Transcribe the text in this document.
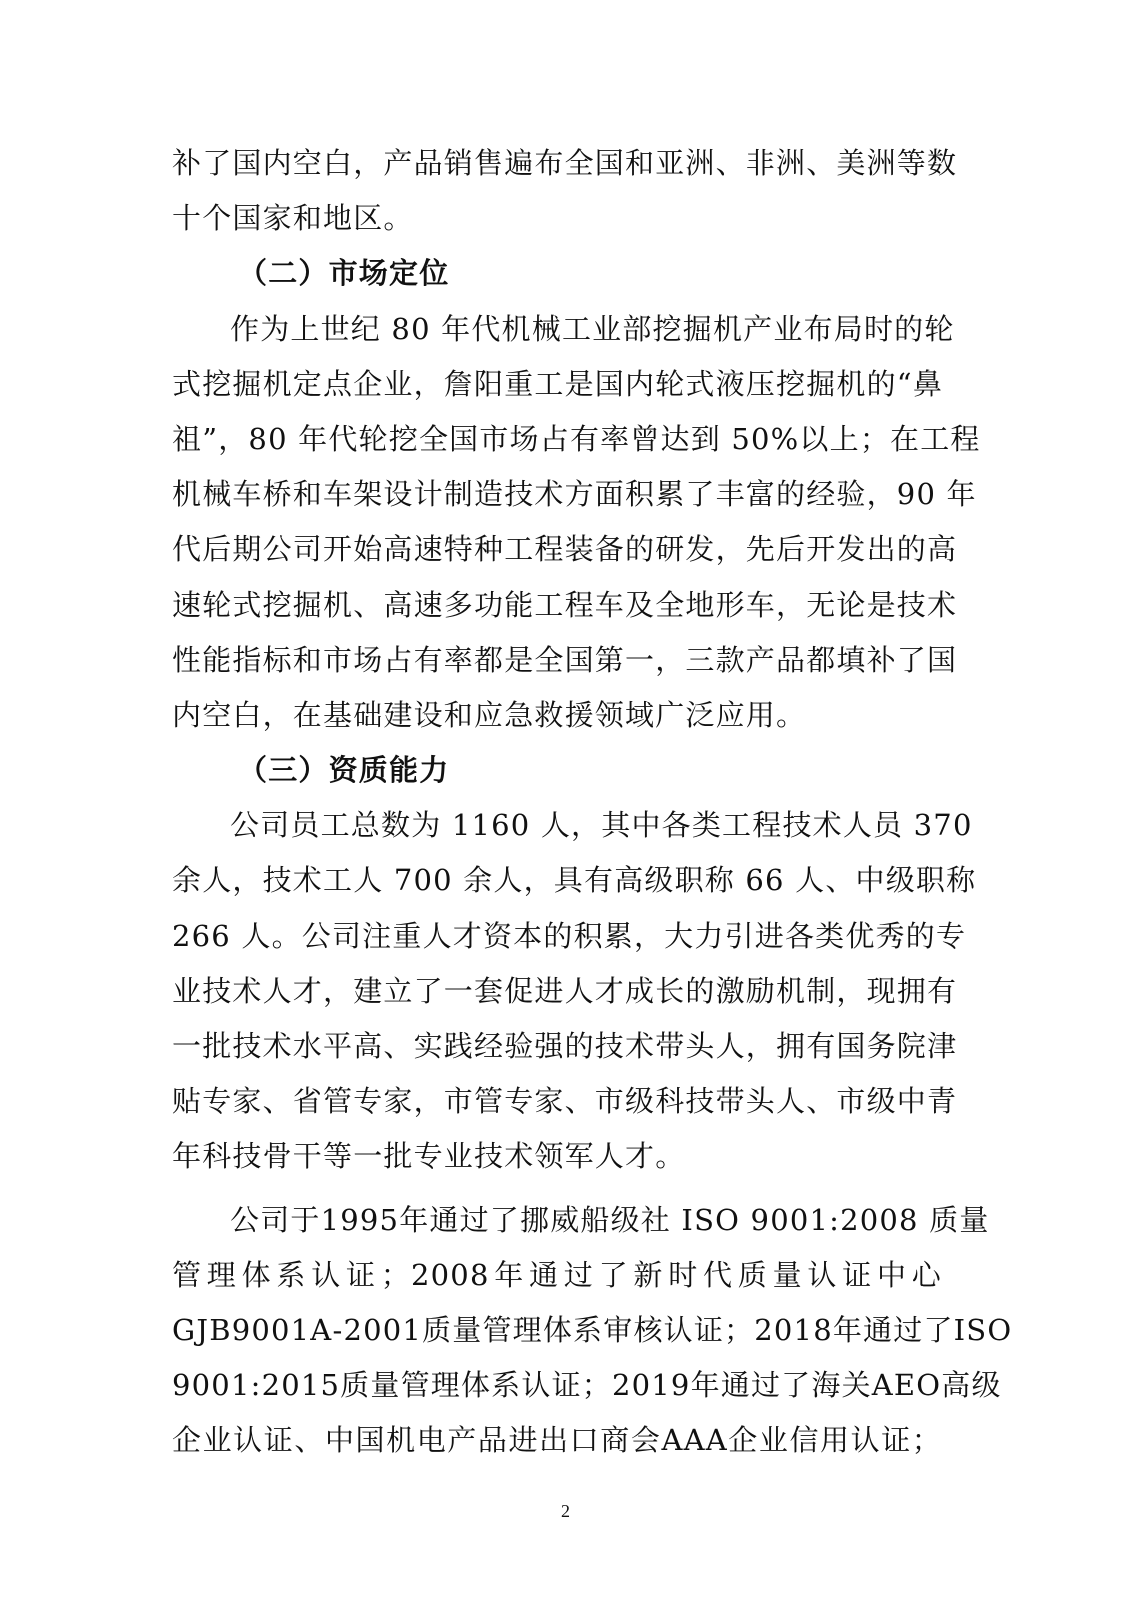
补了国内空白，产品销售遍布全国和亚洲、非洲、美洲等数
十个国家和地区。
（二）市场定位
作为上世纪 80 年代机械工业部挖掘机产业布局时的轮
式挖掘机定点企业，詹阳重工是国内轮式液压挖掘机的“鼻
祖”，80 年代轮挖全国市场占有率曾达到 50%以上；在工程
机械车桥和车架设计制造技术方面积累了丰富的经验，90 年
代后期公司开始高速特种工程装备的研发，先后开发出的高
速轮式挖掘机、高速多功能工程车及全地形车，无论是技术
性能指标和市场占有率都是全国第一，三款产品都填补了国
内空白，在基础建设和应急救援领域广泛应用。
（三）资质能力
公司员工总数为 1160 人，其中各类工程技术人员 370
余人，技术工人 700 余人，具有高级职称 66 人、中级职称
266 人。公司注重人才资本的积累，大力引进各类优秀的专
业技术人才，建立了一套促进人才成长的激励机制，现拥有
一批技术水平高、实践经验强的技术带头人，拥有国务院津
贴专家、省管专家，市管专家、市级科技带头人、市级中青
年科技骨干等一批专业技术领军人才。
公司于1995年通过了挪威船级社 ISO 9001:2008 质量
管理体系认证；2008年通过了新时代质量认证中心
GJB9001A-2001质量管理体系审核认证；2018年通过了ISO
9001:2015质量管理体系认证；2019年通过了海关AEO高级
企业认证、中国机电产品进出口商会AAA企业信用认证；
2
